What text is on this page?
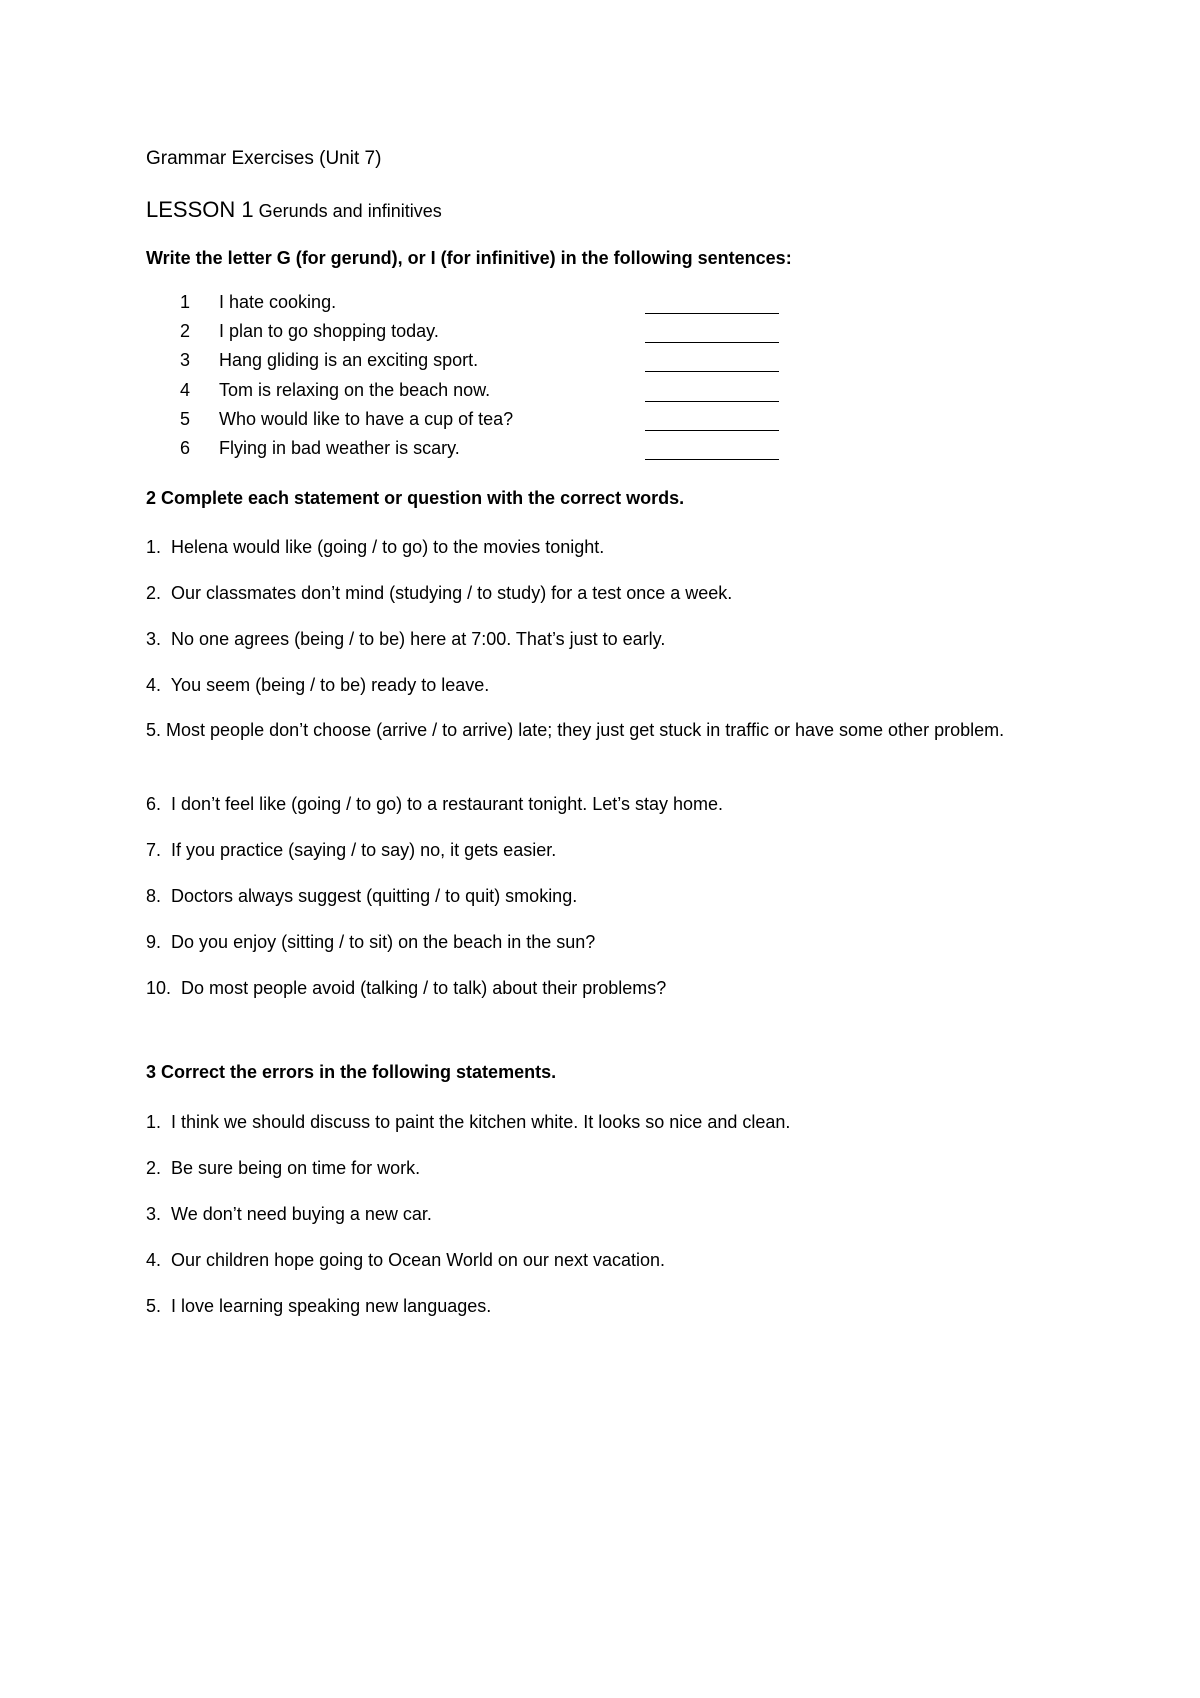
Grammar Exercises (Unit 7)
LESSON 1 Gerunds and infinitives
Write the letter G (for gerund), or I (for infinitive) in the following sentences:
1 I hate cooking.
2 I plan to go shopping today.
3 Hang gliding is an exciting sport.
4 Tom is relaxing on the beach now.
5 Who would like to have a cup of tea?
6 Flying in bad weather is scary.
2 Complete each statement or question with the correct words.
1. Helena would like (going / to go) to the movies tonight.
2. Our classmates don’t mind (studying / to study) for a test once a week.
3. No one agrees (being / to be) here at 7:00. That’s just to early.
4. You seem (being / to be) ready to leave.
5. Most people don’t choose (arrive / to arrive) late; they just get stuck in traffic or have some other problem.
6. I don’t feel like (going / to go) to a restaurant tonight. Let’s stay home.
7. If you practice (saying / to say) no, it gets easier.
8. Doctors always suggest (quitting / to quit) smoking.
9. Do you enjoy (sitting / to sit) on the beach in the sun?
10. Do most people avoid (talking / to talk) about their problems?
3 Correct the errors in the following statements.
1. I think we should discuss to paint the kitchen white. It looks so nice and clean.
2. Be sure being on time for work.
3. We don’t need buying a new car.
4. Our children hope going to Ocean World on our next vacation.
5. I love learning speaking new languages.
